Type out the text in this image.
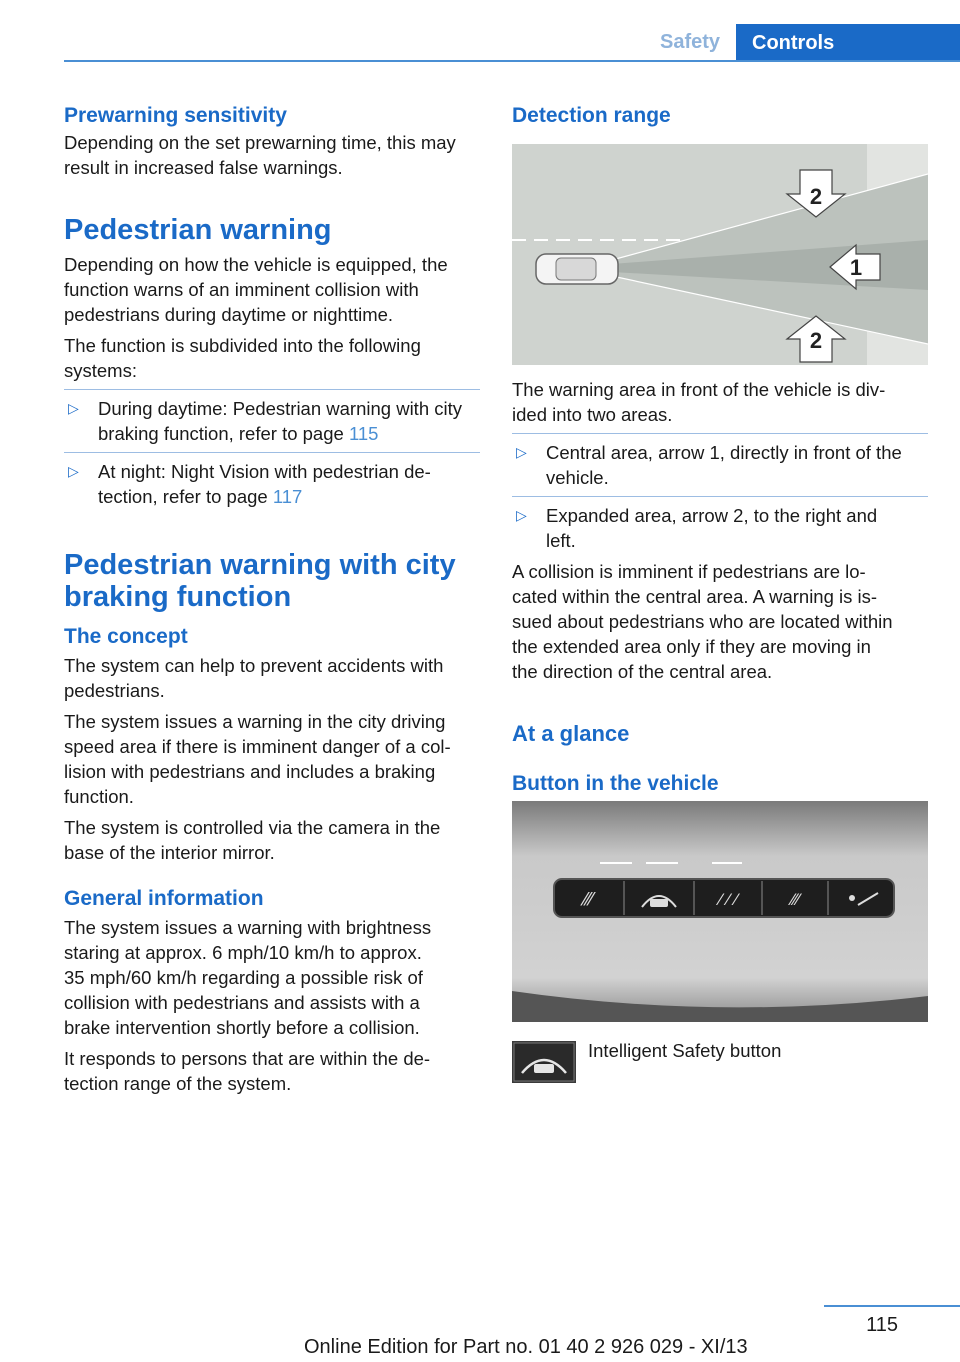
Safety	Controls
Prewarning sensitivity

Depending on the set prewarning time, this may result in increased false warnings.

Pedestrian warning

Depending on how the vehicle is equipped, the function warns of an imminent collision with pedestrians during daytime or nighttime.

The function is subdivided into the following systems:

▷ During daytime: Pedestrian warning with city braking function, refer to page 115
▷ At night: Night Vision with pedestrian de-
tection, refer to page 117
Pedestrian warning with city
braking function
The concept

The system can help to prevent accidents with pedestrians.

The system issues a warning in the city driving
speed area if there is imminent danger of a col-
lision with pedestrians and includes a braking
function.

The system is controlled via the camera in the base of the interior mirror.

General information

The system issues a warning with brightness
staring at approx. 6 mph/10 km/h to approx.
35 mph/60 km/h regarding a possible risk of
collision with pedestrians and assists with a
brake intervention shortly before a collision.

It responds to persons that are within the de-
tection range of the system.

Detection range
2
1
2

The warning area in front of the vehicle is div-
ided into two areas.

▷ Central area, arrow 1, directly in front of the
vehicle.
▷ Expanded area, arrow 2, to the right and
left.

A collision is imminent if pedestrians are lo-
cated within the central area. A warning is is-
sued about pedestrians who are located within
the extended area only if they are moving in
the direction of the central area.

At a glance
Button in the vehicle
⁄⁄⁄	⁄ ⁄ ⁄	⁄⁄⁄
Intelligent Safety button
115
Online Edition for Part no. 01 40 2 926 029 - XI/13
